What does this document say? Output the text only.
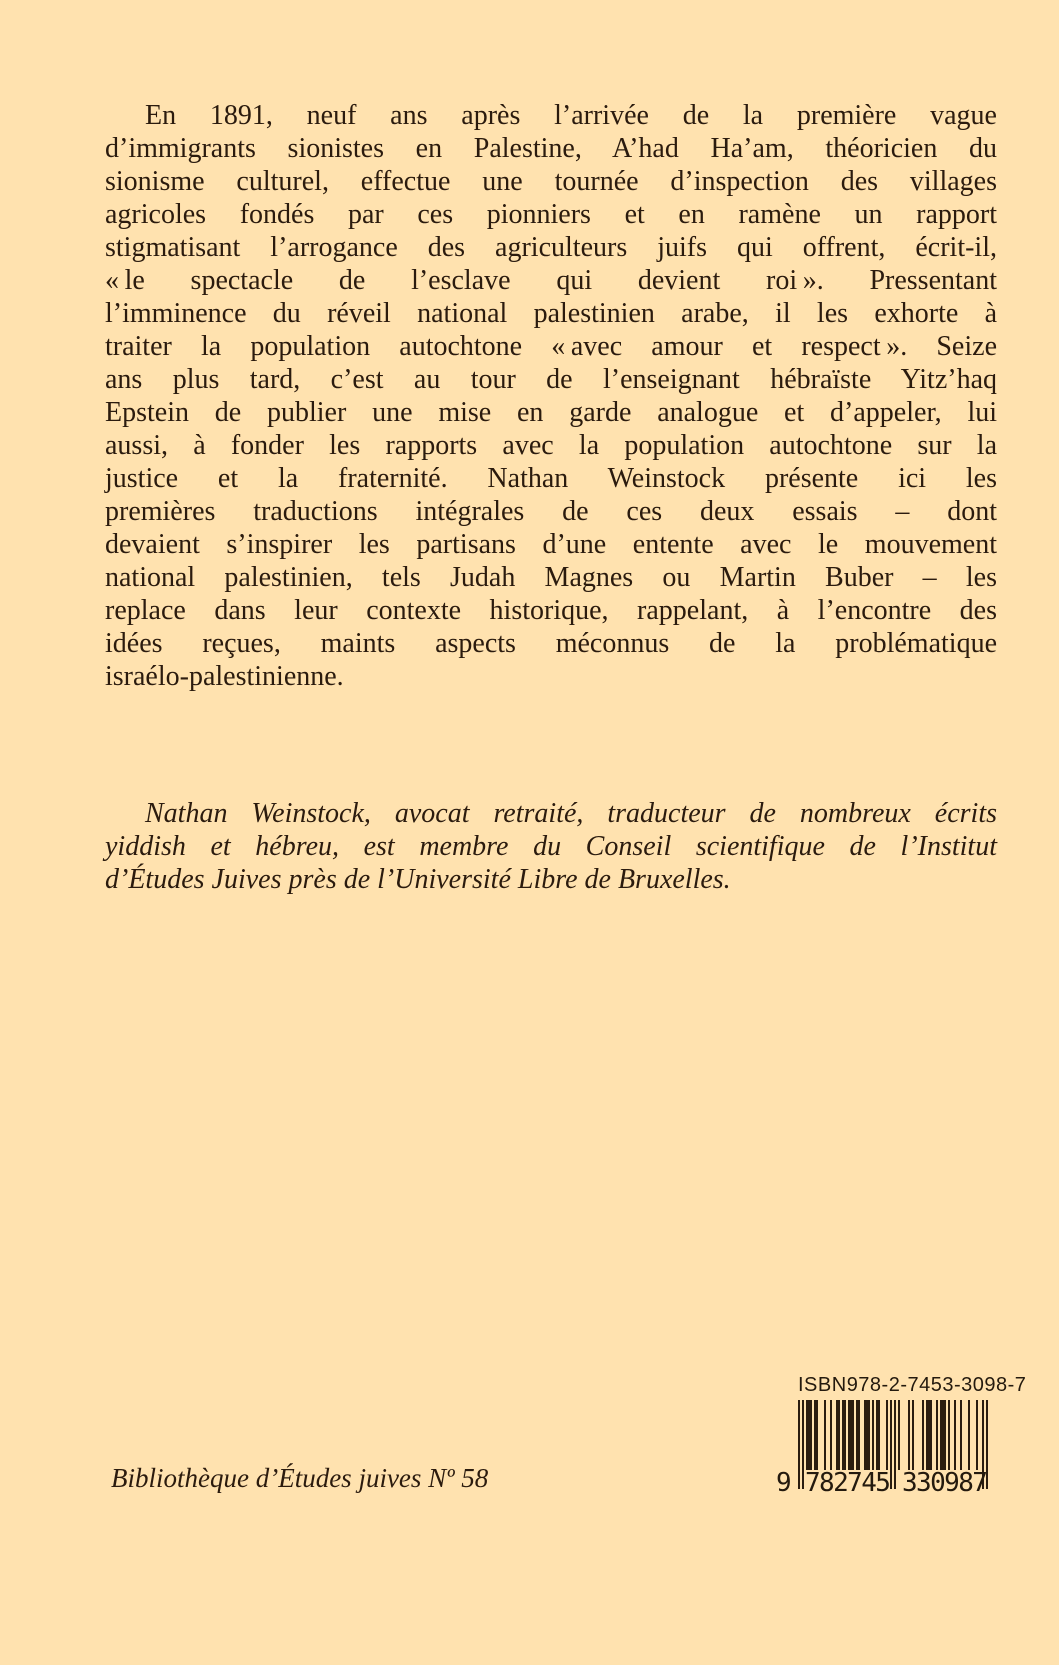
En 1891, neuf ans après l’arrivée de la première vague
d’immigrants sionistes en Palestine, A’had Ha’am, théoricien du
sionisme culturel, effectue une tournée d’inspection des villages
agricoles fondés par ces pionniers et en ramène un rapport
stigmatisant l’arrogance des agriculteurs juifs qui offrent, écrit-il,
« le spectacle de l’esclave qui devient roi ». Pressentant
l’imminence du réveil national palestinien arabe, il les exhorte à
traiter la population autochtone « avec amour et respect ». Seize
ans plus tard, c’est au tour de l’enseignant hébraïste Yitz’haq
Epstein de publier une mise en garde analogue et d’appeler, lui
aussi, à fonder les rapports avec la population autochtone sur la
justice et la fraternité. Nathan Weinstock présente ici les
premières traductions intégrales de ces deux essais – dont
devaient s’inspirer les partisans d’une entente avec le mouvement
national palestinien, tels Judah Magnes ou Martin Buber – les
replace dans leur contexte historique, rappelant, à l’encontre des
idées reçues, maints aspects méconnus de la problématique
israélo-palestinienne.
Nathan Weinstock, avocat retraité, traducteur de nombreux écrits
yiddish et hébreu, est membre du Conseil scientifique de l’Institut
d’Études Juives près de l’Université Libre de Bruxelles.
Bibliothèque d’Études juives Nº 58
ISBN 978-2-7453-3098-7
9 782745 330987
